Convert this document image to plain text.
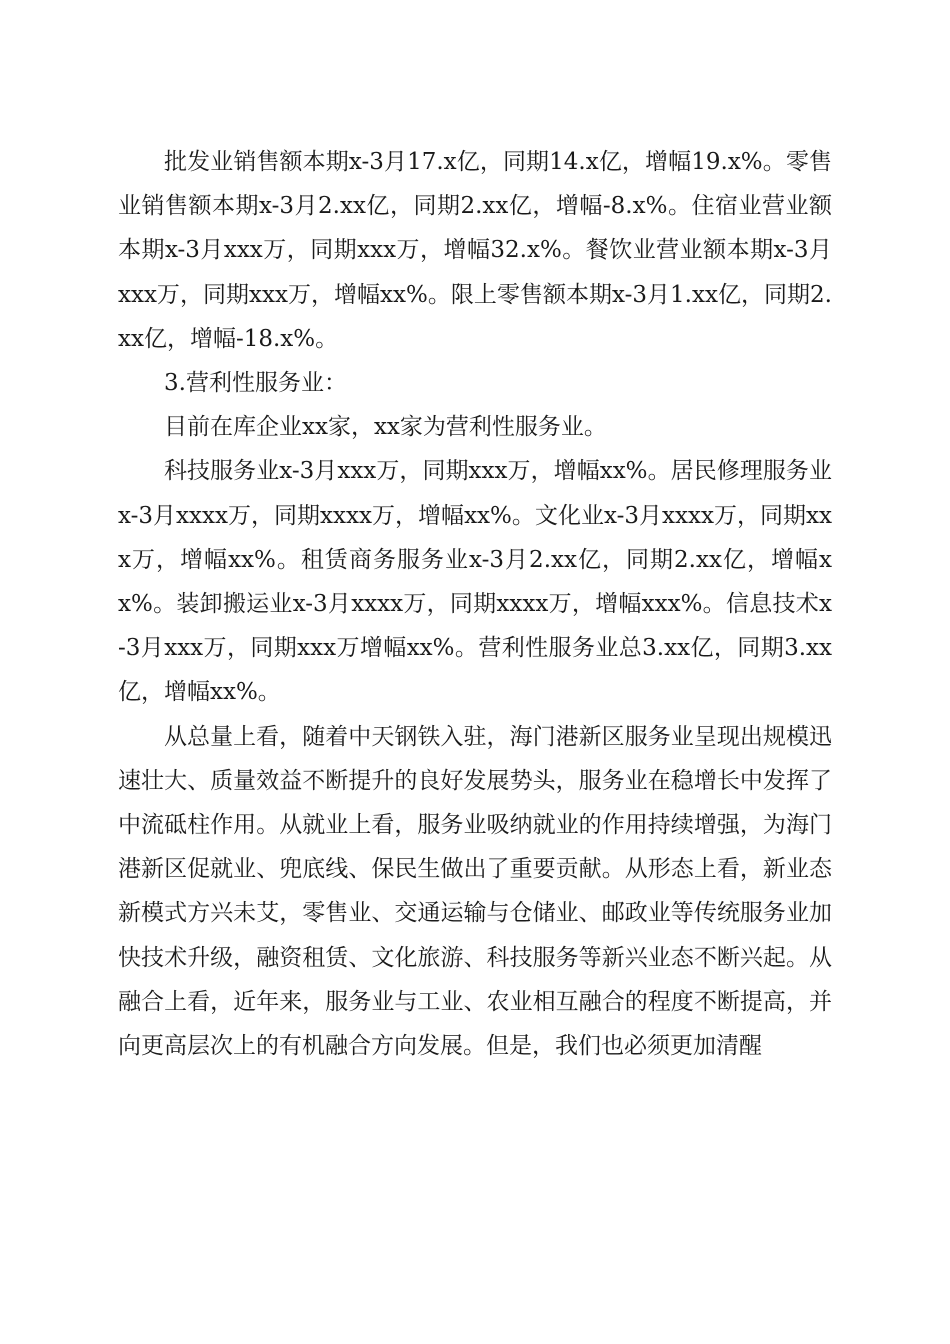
批发业销售额本期x-3月17.x亿，同期14.x亿，增幅19.x%。零售业销售额本期x-3月2.xx亿，同期2.xx亿，增幅-8.x%。住宿业营业额本期x-3月xxx万，同期xxx万，增幅32.x%。餐饮业营业额本期x-3月xxx万，同期xxx万，增幅xx%。限上零售额本期x-3月1.xx亿，同期2.xx亿，增幅-18.x%。

3.营利性服务业：

目前在库企业xx家，xx家为营利性服务业。

科技服务业x-3月xxx万，同期xxx万，增幅xx%。居民修理服务业x-3月xxxx万，同期xxxx万，增幅xx%。文化业x-3月xxxx万，同期xxx万，增幅xx%。租赁商务服务业x-3月2.xx亿，同期2.xx亿，增幅xx%。装卸搬运业x-3月xxxx万，同期xxxx万，增幅xxx%。信息技术x-3月xxx万，同期xxx万增幅xx%。营利性服务业总3.xx亿，同期3.xx亿，增幅xx%。

从总量上看，随着中天钢铁入驻，海门港新区服务业呈现出规模迅速壮大、质量效益不断提升的良好发展势头，服务业在稳增长中发挥了中流砥柱作用。从就业上看，服务业吸纳就业的作用持续增强，为海门港新区促就业、兜底线、保民生做出了重要贡献。从形态上看，新业态新模式方兴未艾，零售业、交通运输与仓储业、邮政业等传统服务业加快技术升级，融资租赁、文化旅游、科技服务等新兴业态不断兴起。从融合上看，近年来，服务业与工业、农业相互融合的程度不断提高，并向更高层次上的有机融合方向发展。但是，我们也必须更加清醒
